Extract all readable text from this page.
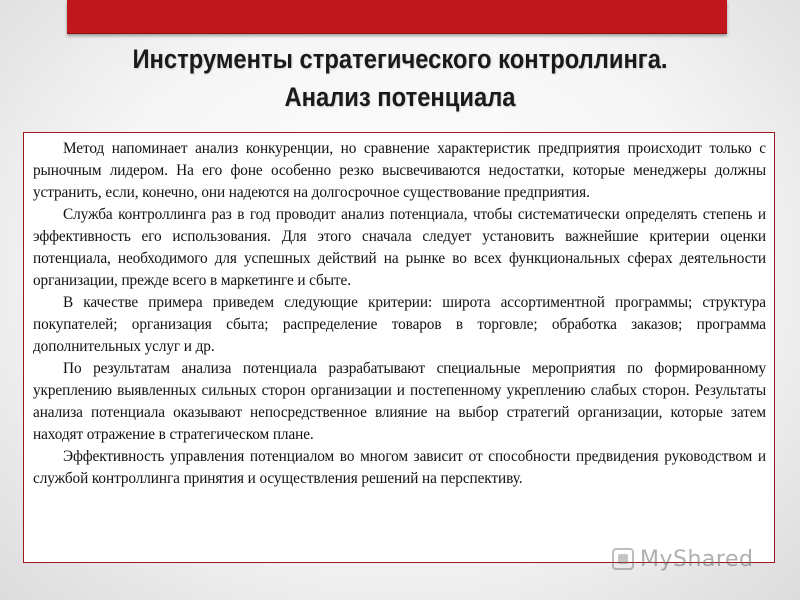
Инструменты стратегического контроллинга.
Анализ потенциала

Метод напоминает анализ конкуренции, но сравнение характеристик предприятия происходит только с рыночным лидером. На его фоне особенно резко высвечиваются недостатки, которые менеджеры должны устранить, если, конечно, они надеются на долгосрочное существование предприятия.

Служба контроллинга раз в год проводит анализ потенциала, чтобы систематически определять степень и эффективность его использования. Для этого сначала следует установить важнейшие критерии оценки потенциала, необходимого для успешных действий на рынке во всех функциональных сферах деятельности организации, прежде всего в маркетинге и сбыте.

В качестве примера приведем следующие критерии: широта ассортиментной программы; структура покупателей; организация сбыта; распределение товаров в торговле; обработка заказов; программа дополнительных услуг и др.

По результатам анализа потенциала разрабатывают специальные мероприятия по формированному укреплению выявленных сильных сторон организации и постепенному укреплению слабых сторон. Результаты анализа потенциала оказывают непосредственное влияние на выбор стратегий организации, которые затем находят отражение в стратегическом плане.

Эффективность управления потенциалом во многом зависит от способности предвидения руководством и службой контроллинга принятия и осуществления решений на перспективу.

MyShared
